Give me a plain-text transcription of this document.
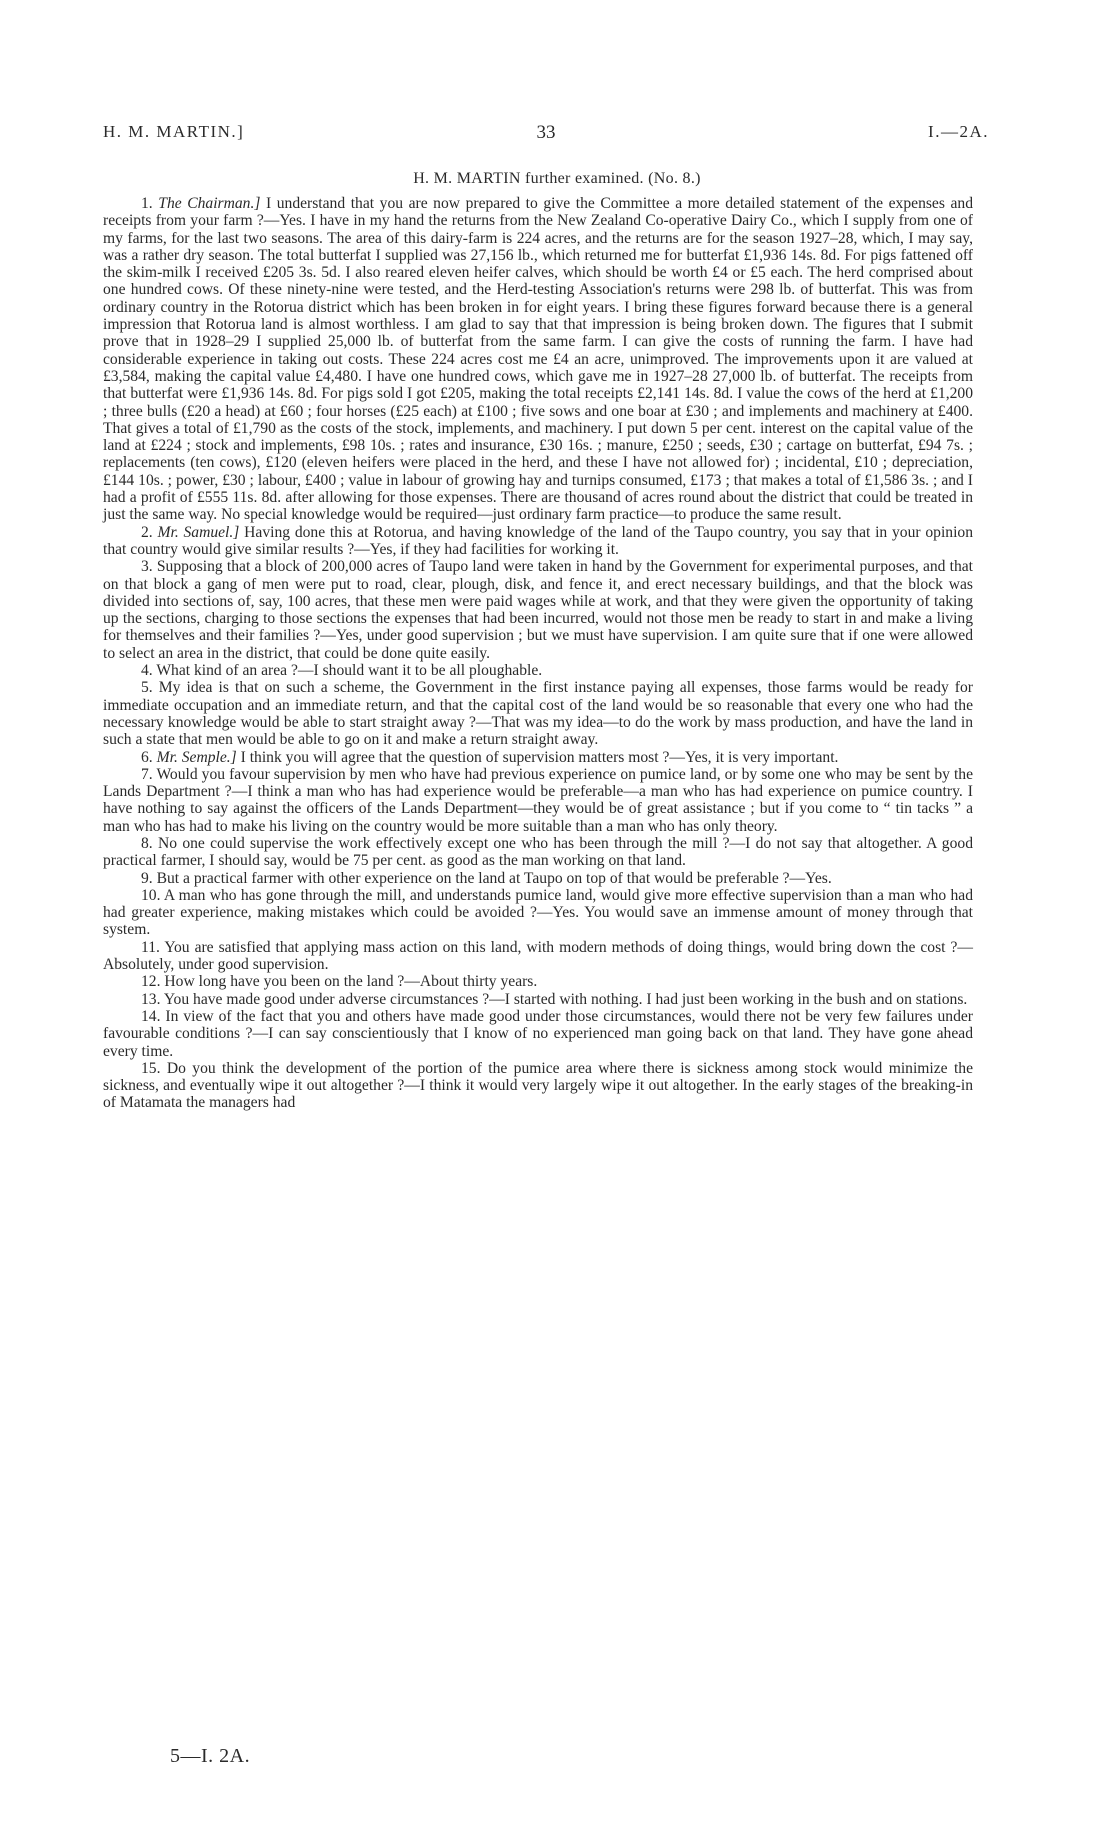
H. M. MARTIN.]	33	I.—2A.
H. M. MARTIN further examined. (No. 8.)

1. The Chairman.] I understand that you are now prepared to give the Committee a more detailed statement of the expenses and receipts from your farm ?—Yes. I have in my hand the returns from the New Zealand Co-operative Dairy Co., which I supply from one of my farms, for the last two seasons. The area of this dairy-farm is 224 acres, and the returns are for the season 1927–28, which, I may say, was a rather dry season. The total butterfat I supplied was 27,156 lb., which returned me for butterfat £1,936 14s. 8d. For pigs fattened off the skim-milk I received £205 3s. 5d. I also reared eleven heifer calves, which should be worth £4 or £5 each. The herd comprised about one hundred cows. Of these ninety-nine were tested, and the Herd-testing Association's returns were 298 lb. of butterfat. This was from ordinary country in the Rotorua district which has been broken in for eight years. I bring these figures forward because there is a general impression that Rotorua land is almost worthless. I am glad to say that that impression is being broken down. The figures that I submit prove that in 1928–29 I supplied 25,000 lb. of butterfat from the same farm. I can give the costs of running the farm. I have had considerable experience in taking out costs. These 224 acres cost me £4 an acre, unimproved. The improvements upon it are valued at £3,584, making the capital value £4,480. I have one hundred cows, which gave me in 1927–28 27,000 lb. of butterfat. The receipts from that butterfat were £1,936 14s. 8d. For pigs sold I got £205, making the total receipts £2,141 14s. 8d. I value the cows of the herd at £1,200 ; three bulls (£20 a head) at £60 ; four horses (£25 each) at £100 ; five sows and one boar at £30 ; and implements and machinery at £400. That gives a total of £1,790 as the costs of the stock, implements, and machinery. I put down 5 per cent. interest on the capital value of the land at £224 ; stock and implements, £98 10s. ; rates and insurance, £30 16s. ; manure, £250 ; seeds, £30 ; cartage on butterfat, £94 7s. ; replacements (ten cows), £120 (eleven heifers were placed in the herd, and these I have not allowed for) ; incidental, £10 ; depreciation, £144 10s. ; power, £30 ; labour, £400 ; value in labour of growing hay and turnips consumed, £173 ; that makes a total of £1,586 3s. ; and I had a profit of £555 11s. 8d. after allowing for those expenses. There are thousand of acres round about the district that could be treated in just the same way. No special knowledge would be required—just ordinary farm practice—to produce the same result.

2. Mr. Samuel.] Having done this at Rotorua, and having knowledge of the land of the Taupo country, you say that in your opinion that country would give similar results ?—Yes, if they had facilities for working it.

3. Supposing that a block of 200,000 acres of Taupo land were taken in hand by the Government for experimental purposes, and that on that block a gang of men were put to road, clear, plough, disk, and fence it, and erect necessary buildings, and that the block was divided into sections of, say, 100 acres, that these men were paid wages while at work, and that they were given the opportunity of taking up the sections, charging to those sections the expenses that had been incurred, would not those men be ready to start in and make a living for themselves and their families ?—Yes, under good supervision ; but we must have supervision. I am quite sure that if one were allowed to select an area in the district, that could be done quite easily.

4. What kind of an area ?—I should want it to be all ploughable.

5. My idea is that on such a scheme, the Government in the first instance paying all expenses, those farms would be ready for immediate occupation and an immediate return, and that the capital cost of the land would be so reasonable that every one who had the necessary knowledge would be able to start straight away ?—That was my idea—to do the work by mass production, and have the land in such a state that men would be able to go on it and make a return straight away.

6. Mr. Semple.] I think you will agree that the question of supervision matters most ?—Yes, it is very important.

7. Would you favour supervision by men who have had previous experience on pumice land, or by some one who may be sent by the Lands Department ?—I think a man who has had experience would be preferable—a man who has had experience on pumice country. I have nothing to say against the officers of the Lands Department—they would be of great assistance ; but if you come to “ tin tacks ” a man who has had to make his living on the country would be more suitable than a man who has only theory.

8. No one could supervise the work effectively except one who has been through the mill ?—I do not say that altogether. A good practical farmer, I should say, would be 75 per cent. as good as the man working on that land.

9. But a practical farmer with other experience on the land at Taupo on top of that would be preferable ?—Yes.

10. A man who has gone through the mill, and understands pumice land, would give more effective supervision than a man who had had greater experience, making mistakes which could be avoided ?—Yes. You would save an immense amount of money through that system.

11. You are satisfied that applying mass action on this land, with modern methods of doing things, would bring down the cost ?—Absolutely, under good supervision.

12. How long have you been on the land ?—About thirty years.

13. You have made good under adverse circumstances ?—I started with nothing. I had just been working in the bush and on stations.

14. In view of the fact that you and others have made good under those circumstances, would there not be very few failures under favourable conditions ?—I can say conscientiously that I know of no experienced man going back on that land. They have gone ahead every time.

15. Do you think the development of the portion of the pumice area where there is sickness among stock would minimize the sickness, and eventually wipe it out altogether ?—I think it would very largely wipe it out altogether. In the early stages of the breaking-in of Matamata the managers had

5—I. 2A.
